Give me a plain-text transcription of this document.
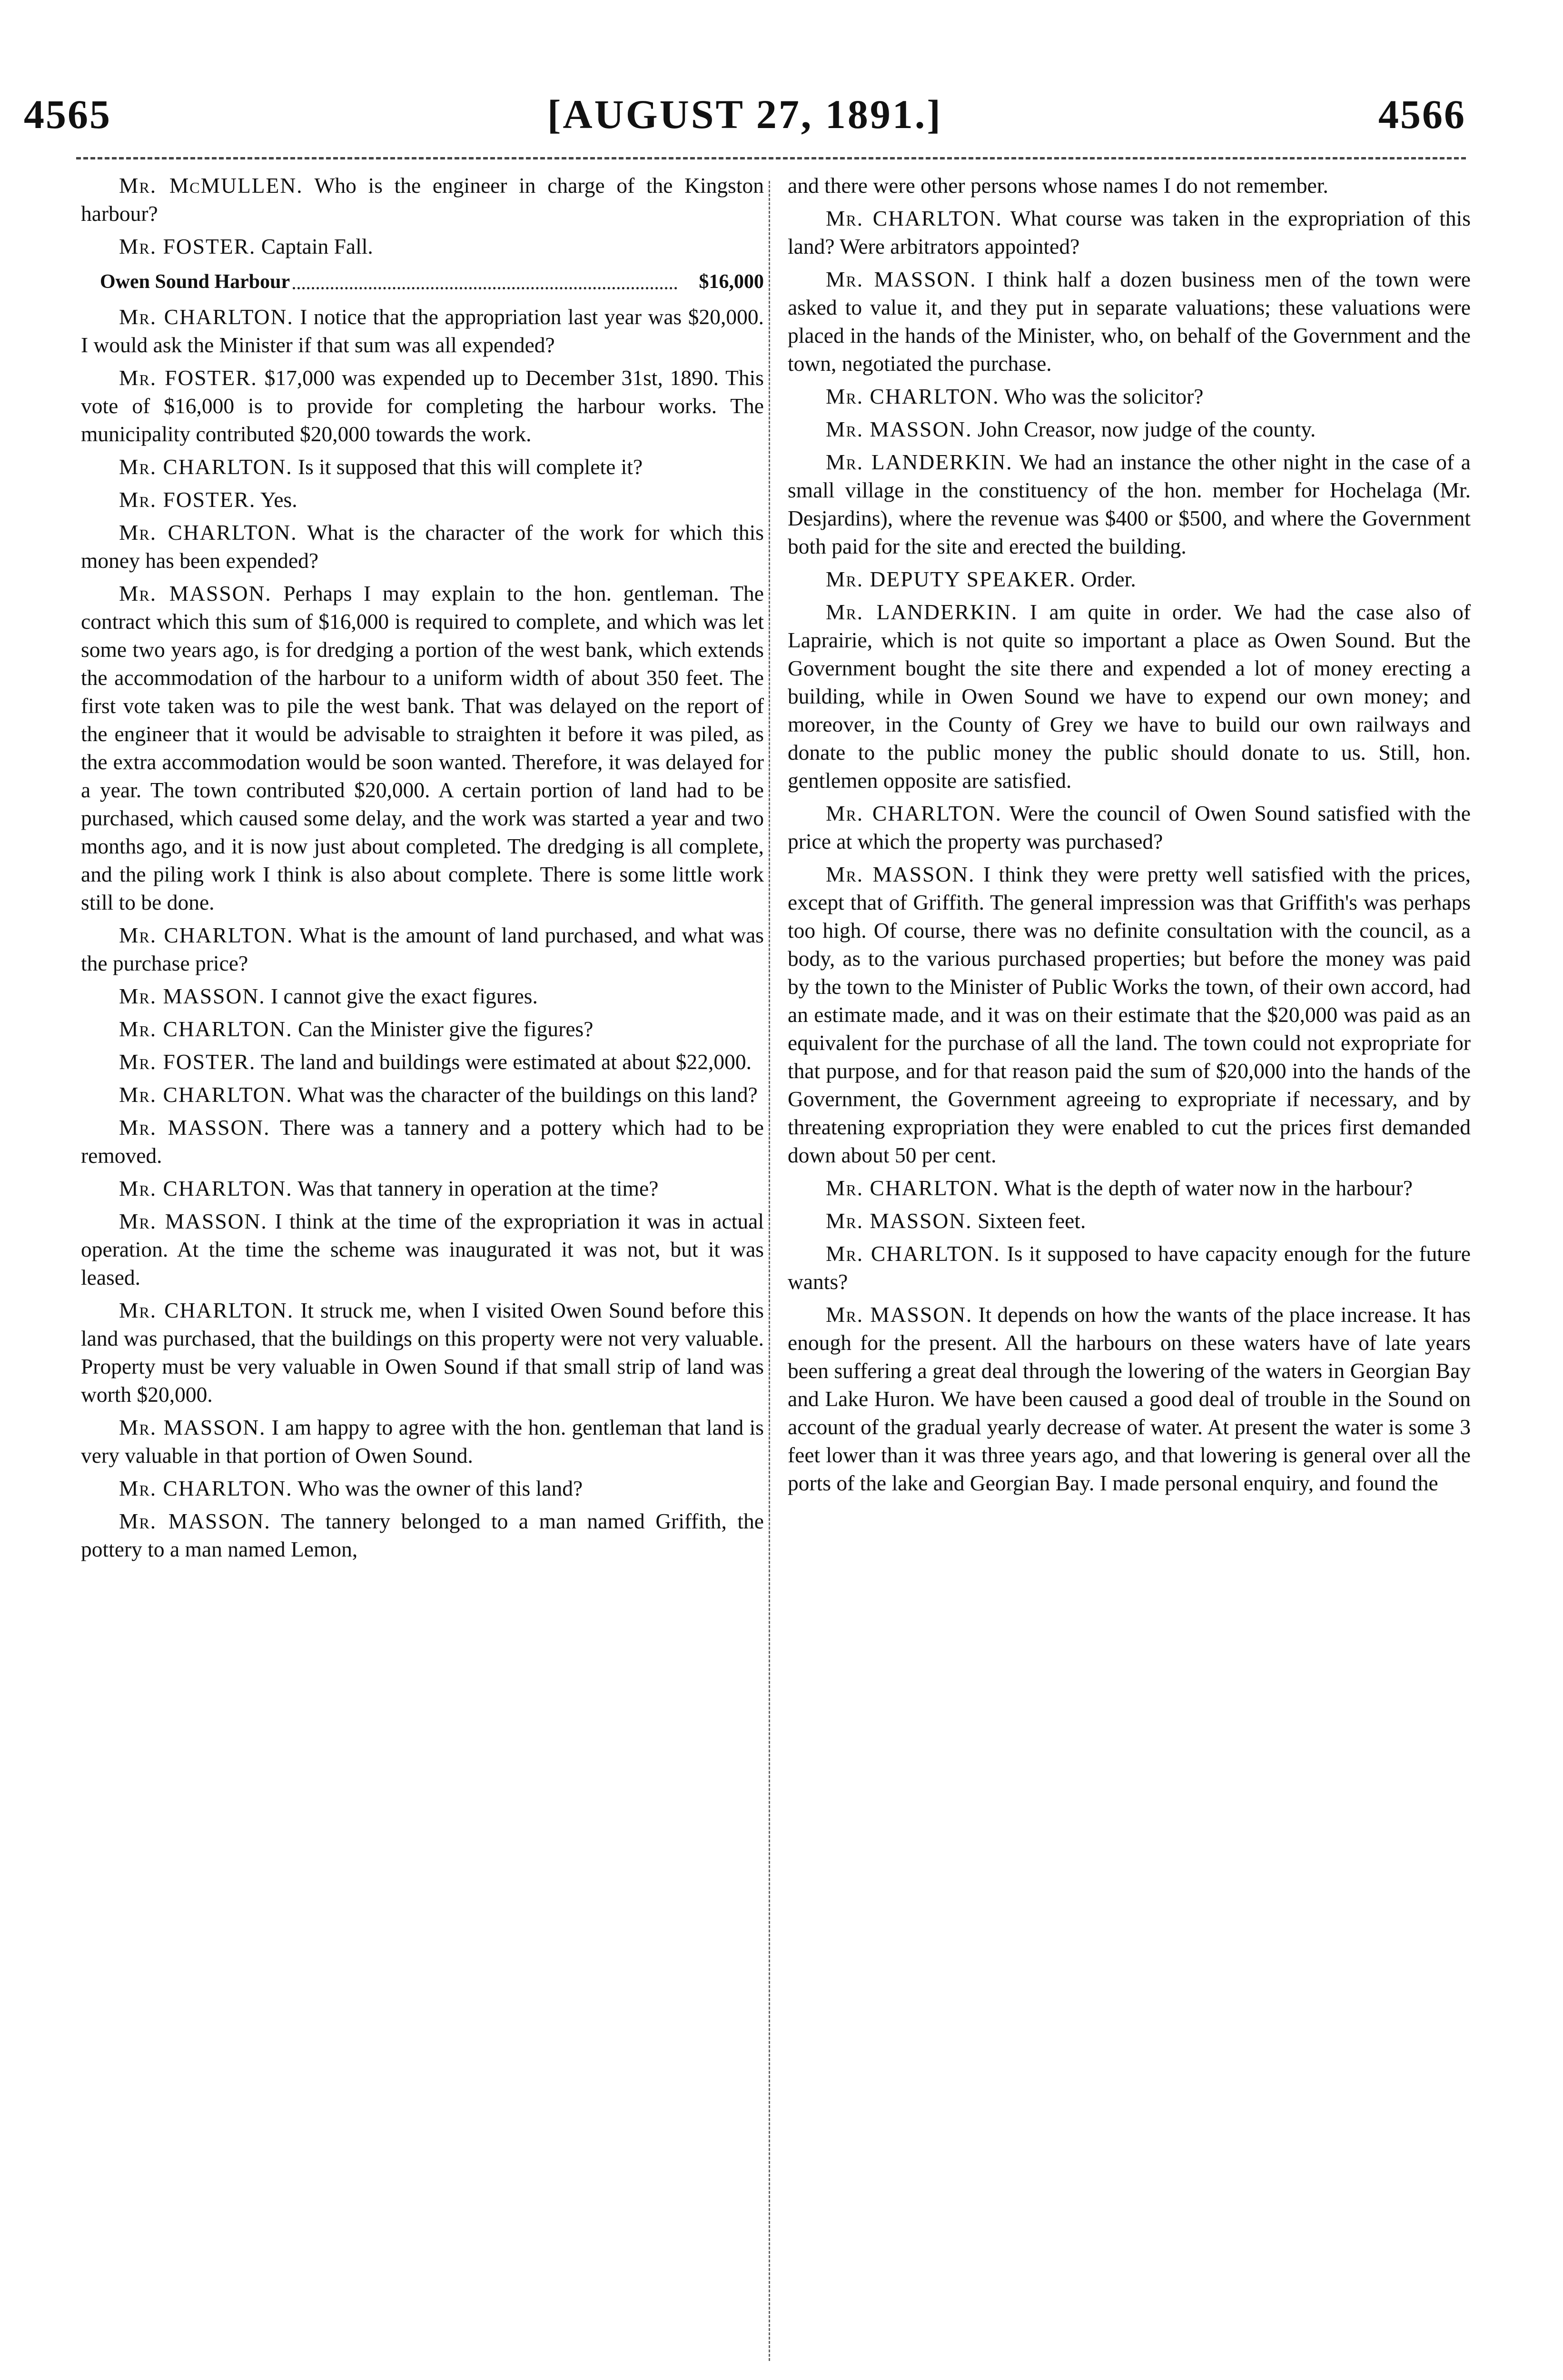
4565	[AUGUST 27, 1891.]	4566

Mr. McMULLEN. Who is the engineer in charge of the Kingston harbour?

Mr. FOSTER. Captain Fall.

Owen Sound Harbour	$16,000

Mr. CHARLTON. I notice that the appropriation last year was $20,000. I would ask the Minister if that sum was all expended?

Mr. FOSTER. $17,000 was expended up to December 31st, 1890. This vote of $16,000 is to provide for completing the harbour works. The municipality contributed $20,000 towards the work.

Mr. CHARLTON. Is it supposed that this will complete it?

Mr. FOSTER. Yes.

Mr. CHARLTON. What is the character of the work for which this money has been expended?

Mr. MASSON. Perhaps I may explain to the hon. gentleman. The contract which this sum of $16,000 is required to complete, and which was let some two years ago, is for dredging a portion of the west bank, which extends the accommodation of the harbour to a uniform width of about 350 feet. The first vote taken was to pile the west bank. That was delayed on the report of the engineer that it would be advisable to straighten it before it was piled, as the extra accommodation would be soon wanted. Therefore, it was delayed for a year. The town contributed $20,000. A certain portion of land had to be purchased, which caused some delay, and the work was started a year and two months ago, and it is now just about completed. The dredging is all complete, and the piling work I think is also about complete. There is some little work still to be done.

Mr. CHARLTON. What is the amount of land purchased, and what was the purchase price?

Mr. MASSON. I cannot give the exact figures.

Mr. CHARLTON. Can the Minister give the figures?

Mr. FOSTER. The land and buildings were estimated at about $22,000.

Mr. CHARLTON. What was the character of the buildings on this land?

Mr. MASSON. There was a tannery and a pottery which had to be removed.

Mr. CHARLTON. Was that tannery in operation at the time?

Mr. MASSON. I think at the time of the expropriation it was in actual operation. At the time the scheme was inaugurated it was not, but it was leased.

Mr. CHARLTON. It struck me, when I visited Owen Sound before this land was purchased, that the buildings on this property were not very valuable. Property must be very valuable in Owen Sound if that small strip of land was worth $20,000.

Mr. MASSON. I am happy to agree with the hon. gentleman that land is very valuable in that portion of Owen Sound.

Mr. CHARLTON. Who was the owner of this land?

Mr. MASSON. The tannery belonged to a man named Griffith, the pottery to a man named Lemon,

and there were other persons whose names I do not remember.

Mr. CHARLTON. What course was taken in the expropriation of this land? Were arbitrators appointed?

Mr. MASSON. I think half a dozen business men of the town were asked to value it, and they put in separate valuations; these valuations were placed in the hands of the Minister, who, on behalf of the Government and the town, negotiated the purchase.

Mr. CHARLTON. Who was the solicitor?

Mr. MASSON. John Creasor, now judge of the county.

Mr. LANDERKIN. We had an instance the other night in the case of a small village in the constituency of the hon. member for Hochelaga (Mr. Desjardins), where the revenue was $400 or $500, and where the Government both paid for the site and erected the building.

Mr. DEPUTY SPEAKER. Order.

Mr. LANDERKIN. I am quite in order. We had the case also of Laprairie, which is not quite so important a place as Owen Sound. But the Government bought the site there and expended a lot of money erecting a building, while in Owen Sound we have to expend our own money; and moreover, in the County of Grey we have to build our own railways and donate to the public money the public should donate to us. Still, hon. gentlemen opposite are satisfied.

Mr. CHARLTON. Were the council of Owen Sound satisfied with the price at which the property was purchased?

Mr. MASSON. I think they were pretty well satisfied with the prices, except that of Griffith. The general impression was that Griffith's was perhaps too high. Of course, there was no definite consultation with the council, as a body, as to the various purchased properties; but before the money was paid by the town to the Minister of Public Works the town, of their own accord, had an estimate made, and it was on their estimate that the $20,000 was paid as an equivalent for the purchase of all the land. The town could not expropriate for that purpose, and for that reason paid the sum of $20,000 into the hands of the Government, the Government agreeing to expropriate if necessary, and by threatening expropriation they were enabled to cut the prices first demanded down about 50 per cent.

Mr. CHARLTON. What is the depth of water now in the harbour?

Mr. MASSON. Sixteen feet.

Mr. CHARLTON. Is it supposed to have capacity enough for the future wants?

Mr. MASSON. It depends on how the wants of the place increase. It has enough for the present. All the harbours on these waters have of late years been suffering a great deal through the lowering of the waters in Georgian Bay and Lake Huron. We have been caused a good deal of trouble in the Sound on account of the gradual yearly decrease of water. At present the water is some 3 feet lower than it was three years ago, and that lowering is general over all the ports of the lake and Georgian Bay. I made personal enquiry, and found the
